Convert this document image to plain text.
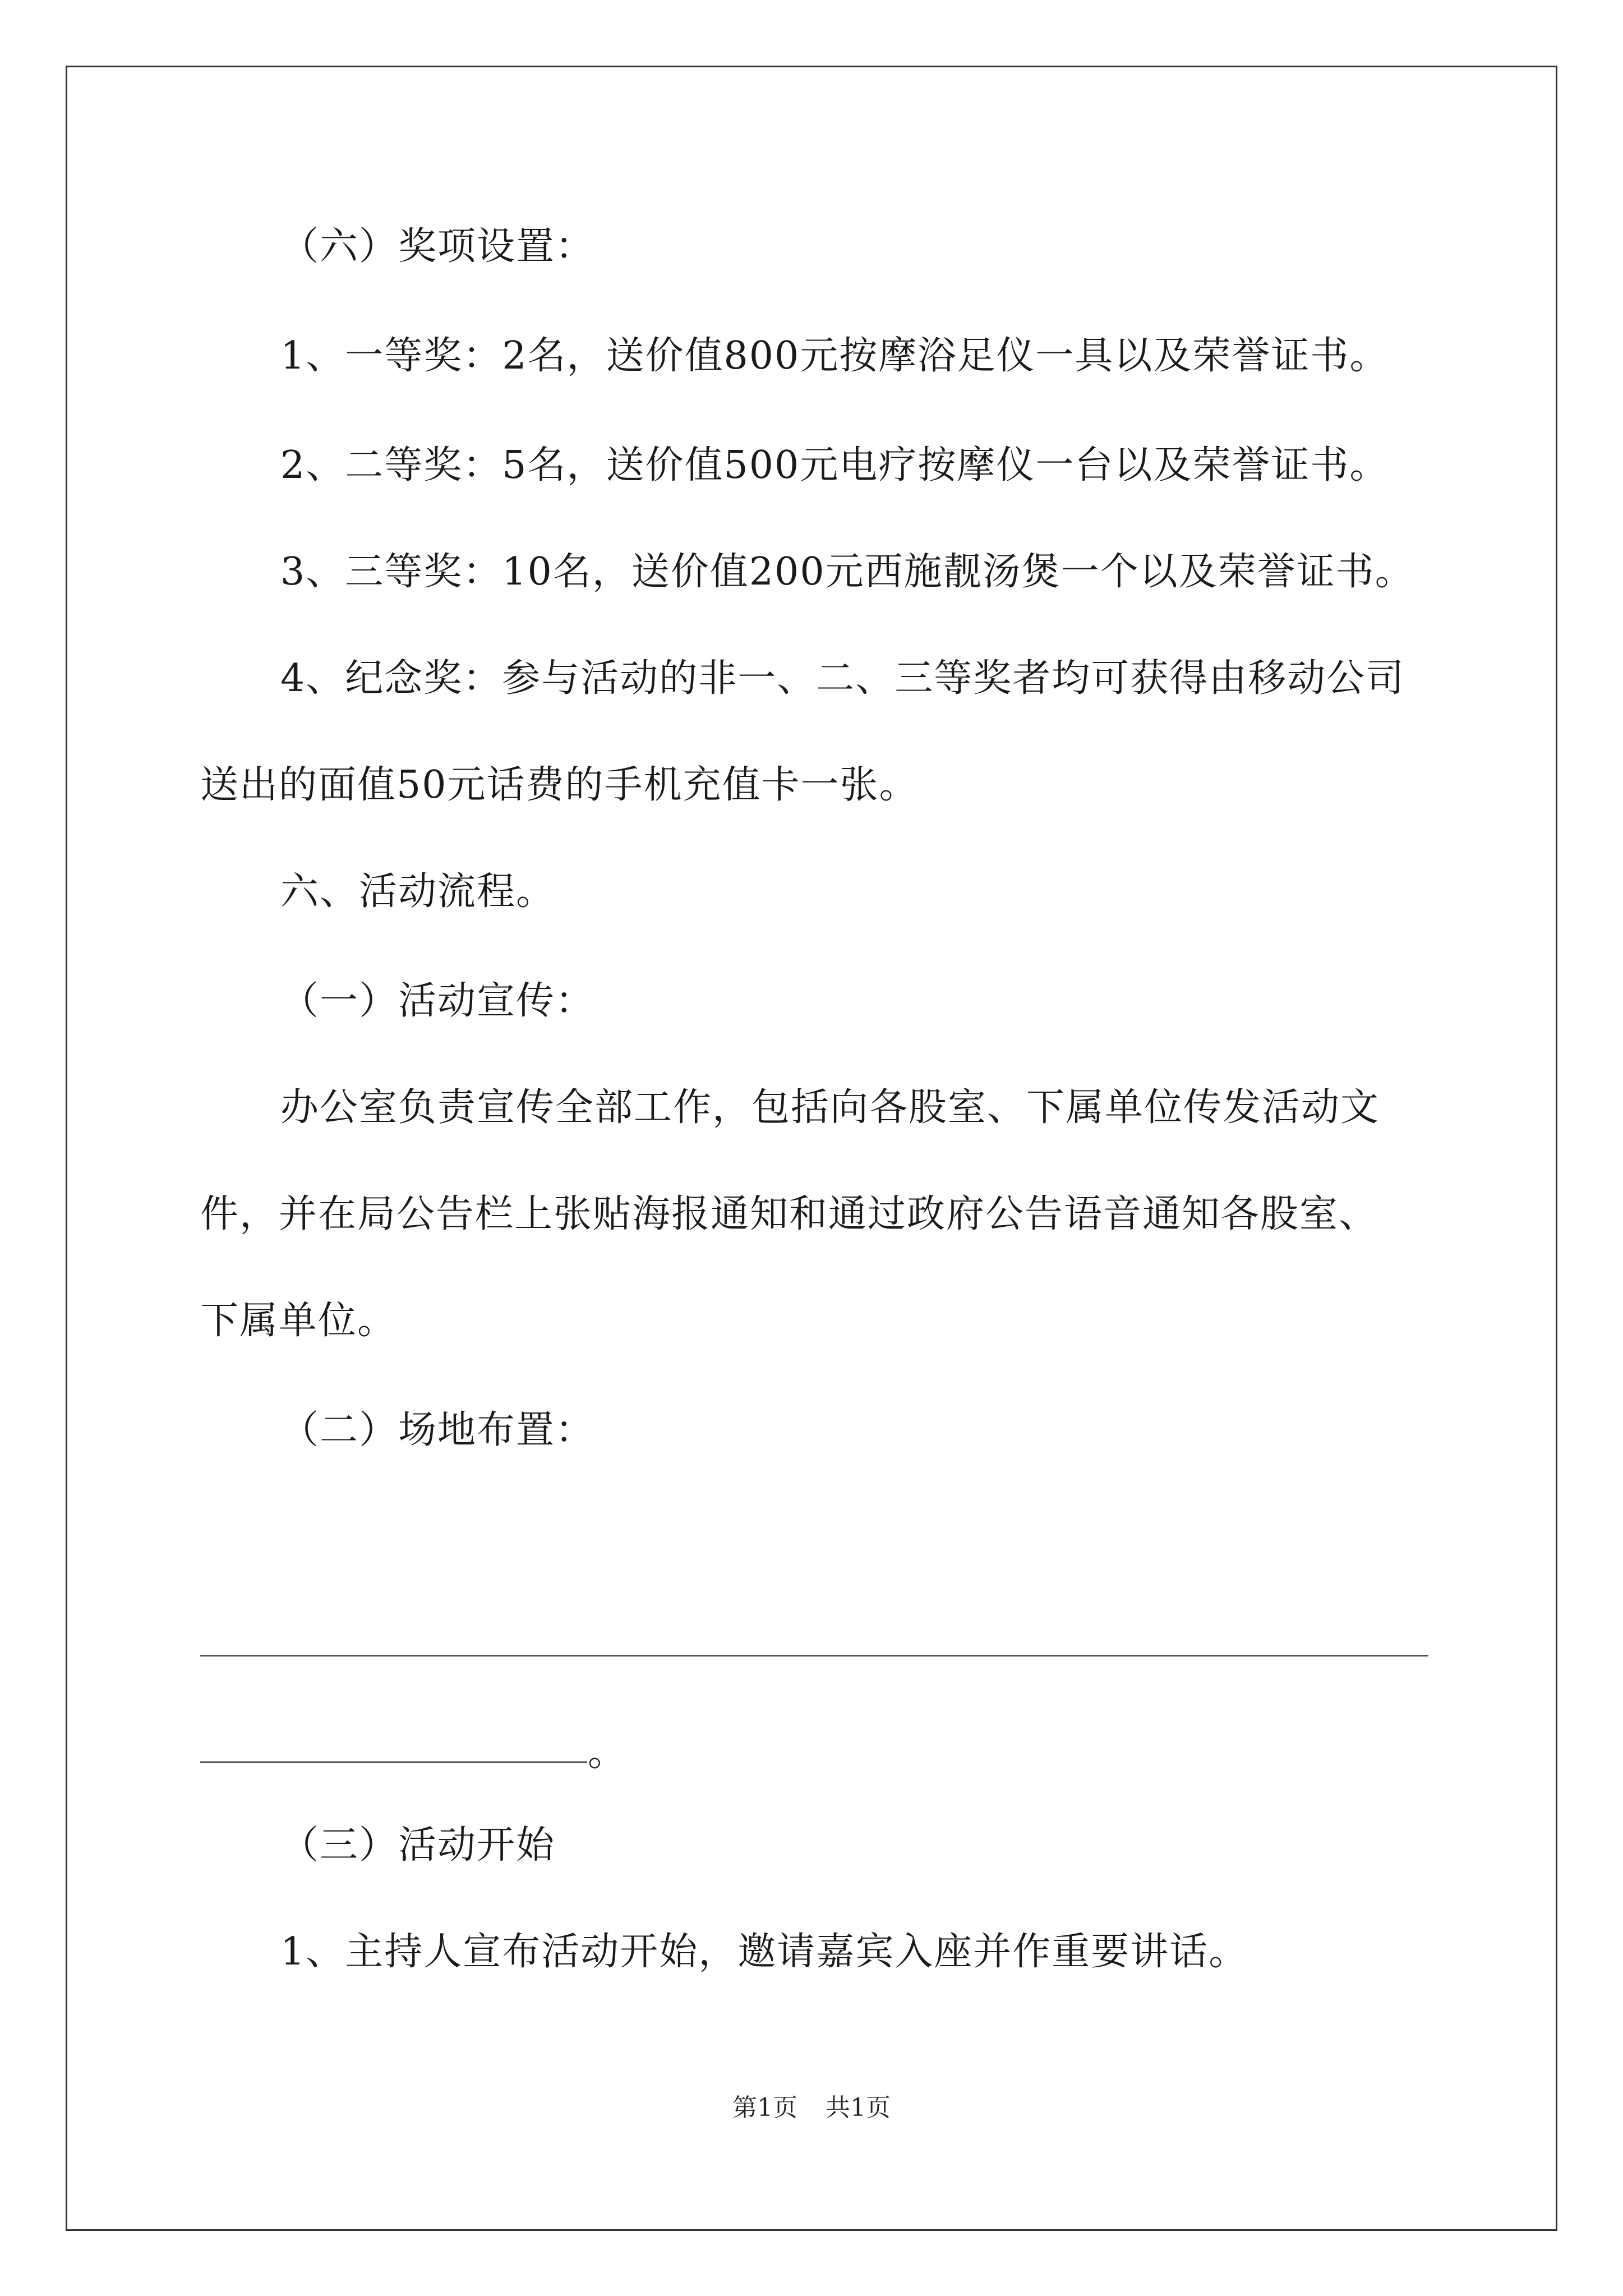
（六）奖项设置：
1、一等奖：2名，送价值800元按摩浴足仪一具以及荣誉证书。
2、二等奖：5名，送价值500元电疗按摩仪一台以及荣誉证书。
3、三等奖：10名，送价值200元西施靓汤煲一个以及荣誉证书。
4、纪念奖：参与活动的非一、二、三等奖者均可获得由移动公司
送出的面值50元话费的手机充值卡一张。
六、活动流程。
（一）活动宣传：
办公室负责宣传全部工作，包括向各股室、下属单位传发活动文
件，并在局公告栏上张贴海报通知和通过政府公告语音通知各股室、
下属单位。
（二）场地布置：
。
（三）活动开始
1、主持人宣布活动开始，邀请嘉宾入座并作重要讲话。
第1页 共1页
